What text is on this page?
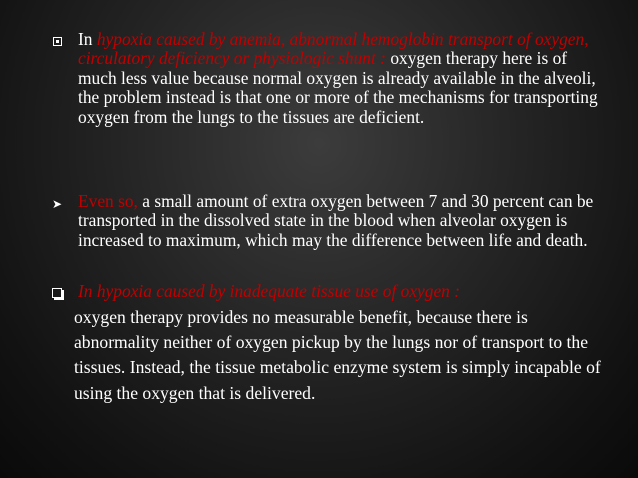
In hypoxia caused by anemia, abnormal hemoglobin transport of oxygen, circulatory deficiency or physiologic shunt : oxygen therapy here is of much less value because normal oxygen is already available in the alveoli, the problem instead is that one or more of the mechanisms for transporting oxygen from the lungs to the tissues are deficient.
➤ Even so, a small amount of extra oxygen between 7 and 30 percent can be transported in the dissolved state in the blood when alveolar oxygen is increased to maximum, which may the difference between life and death.
In hypoxia caused by inadequate tissue use of oxygen :
oxygen therapy provides no measurable benefit, because there is abnormality neither of oxygen pickup by the lungs nor of transport to the tissues. Instead, the tissue metabolic enzyme system is simply incapable of using the oxygen that is delivered.
